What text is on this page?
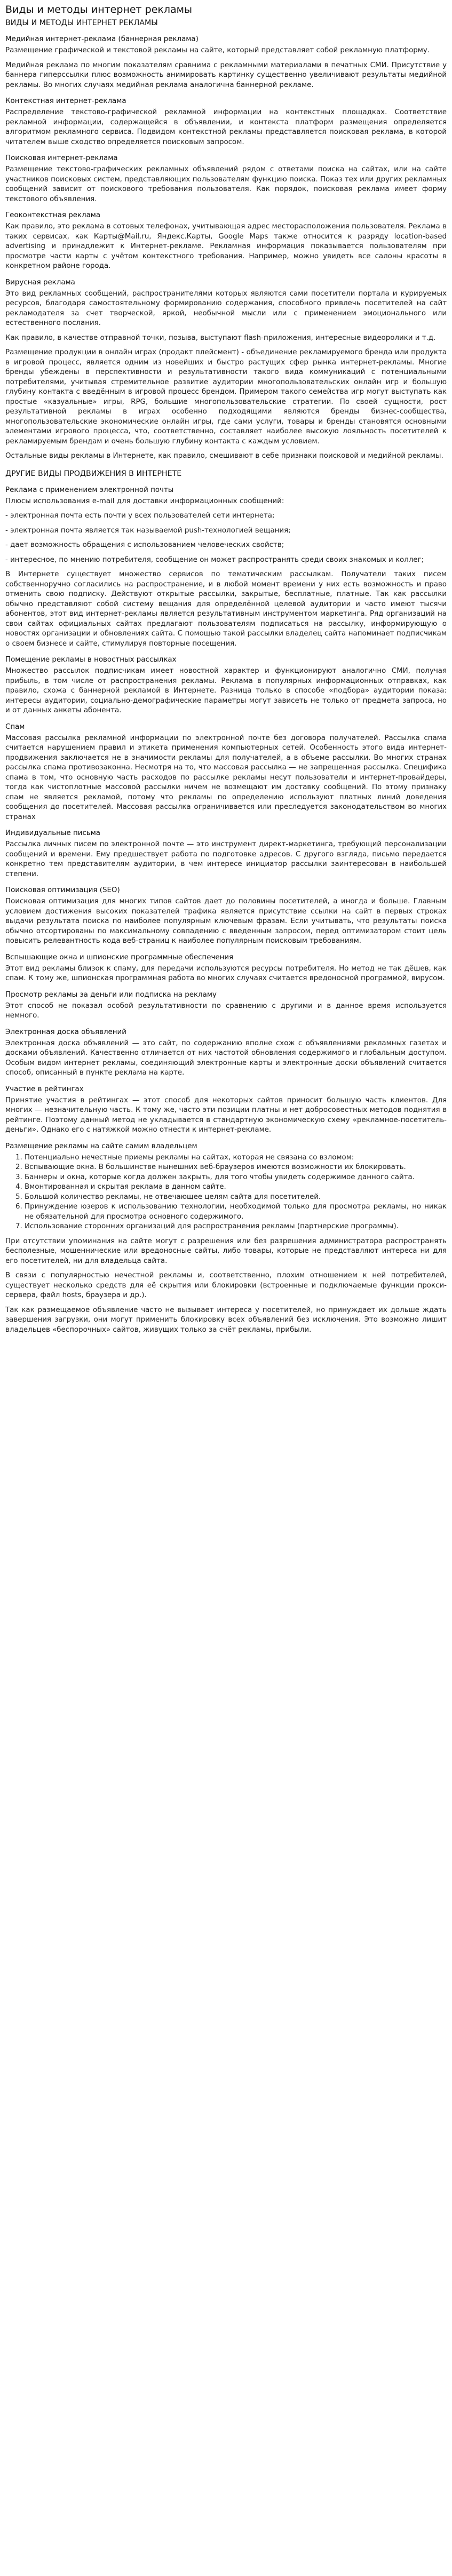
Виды и методы интернет рекламы
ВИДЫ И МЕТОДЫ ИНТЕРНЕТ РЕКЛАМЫ
Медийная интернет-реклама (баннерная реклама)

Размещение графической и текстовой рекламы на сайте, который представляет собой рекламную платформу.

Медийная реклама по многим показателям сравнима с рекламными материалами в печатных СМИ. Присутствие у баннера гиперссылки плюс возможность анимировать картинку существенно увеличивают результаты медийной рекламы. Во многих случаях медийная реклама аналогична баннерной рекламе.

Контекстная интернет-реклама

Распределение текстово-графической рекламной информации на контекстных площадках. Соответствие рекламной информации, содержащейся в объявлении, и контекста платформ размещения определяется алгоритмом рекламного сервиса. Подвидом контекстной рекламы представляется поисковая реклама, в которой читателем выше сходство определяется поисковым запросом.

Поисковая интернет-реклама

Размещение текстово-графических рекламных объявлений рядом с ответами поиска на сайтах, или на сайте участников поисковых систем, представляющих пользователям функцию поиска. Показ тех или других рекламных сообщений зависит от поискового требования пользователя. Как порядок, поисковая реклама имеет форму текстового объявления.

Геоконтекстная реклама

Как правило, это реклама в сотовых телефонах, учитывающая адрес месторасположения пользователя. Реклама в таких сервисах, как Карты@Mail.ru, Яндекс.Карты, Google Maps также относится к разряду location-based advertising и принадлежит к Интернет-рекламе. Рекламная информация показывается пользователям при просмотре части карты с учётом контекстного требования. Например, можно увидеть все салоны красоты в конкретном районе города.

Вирусная реклама

Это вид рекламных сообщений, распространителями которых являются сами посетители портала и курируемых ресурсов, благодаря самостоятельному формированию содержания, способного привлечь посетителей на сайт рекламодателя за счет творческой, яркой, необычной мысли или с применением эмоционального или естественного послания.

Как правило, в качестве отправной точки, позыва, выступают flash-приложения, интересные видеоролики и т.д.

Размещение продукции в онлайн играх (продакт плейсмент) - объединение рекламируемого бренда или продукта в игровой процесс, является одним из новейших и быстро растущих сфер рынка интернет-рекламы. Многие бренды убеждены в перспективности и результативности такого вида коммуникаций с потенциальными потребителями, учитывая стремительное развитие аудитории многопользовательских онлайн игр и большую глубину контакта с введённым в игровой процесс брендом. Примером такого семейства игр могут выступать как простые «казуальные» игры, RPG, большие многопользовательские стратегии. По своей сущности, рост результативной рекламы в играх особенно подходящими являются бренды бизнес-сообщества, многопользовательские экономические онлайн игры, где сами услуги, товары и бренды становятся основными элементами игрового процесса, что, соответственно, составляет наиболее высокую лояльность посетителей к рекламируемым брендам и очень большую глубину контакта с каждым условием.

Остальные виды рекламы в Интернете, как правило, смешивают в себе признаки поисковой и медийной рекламы.

ДРУГИЕ ВИДЫ ПРОДВИЖЕНИЯ В ИНТЕРНЕТЕ
Реклама с применением электронной почты

Плюсы использования e-mail для доставки информационных сообщений:

- электронная почта есть почти у всех пользователей сети интернета;

- электронная почта является так называемой push-технологией вещания;

- дает возможность обращения с использованием человеческих свойств;

- интересное, по мнению потребителя, сообщение он может распространять среди своих знакомых и коллег;

В Интернете существует множество сервисов по тематическим рассылкам. Получатели таких писем собственноручно согласились на распространение, и в любой момент времени у них есть возможность и право отменить свою подписку. Действуют открытые рассылки, закрытые, бесплатные, платные. Так как рассылки обычно представляют собой систему вещания для определённой целевой аудитории и часто имеют тысячи абонентов, этот вид интернет-рекламы является результативным инструментом маркетинга. Ряд организаций на свои сайтах официальных сайтах предлагают пользователям подписаться на рассылку, информирующую о новостях организации и обновлениях сайта. С помощью такой рассылки владелец сайта напоминает подписчикам о своем бизнесе и сайте, стимулируя повторные посещения.

Помещение рекламы в новостных рассылках

Множество рассылок подписчикам имеет новостной характер и функционируют аналогично СМИ, получая прибыль, в том числе от распространения рекламы. Реклама в популярных информационных отправках, как правило, схожа с баннерной рекламой в Интернете. Разница только в способе «подбора» аудитории показа: интересы аудитории, социально-демографические параметры могут зависеть не только от предмета запроса, но и от данных анкеты абонента.

Спам

Массовая рассылка рекламной информации по электронной почте без договора получателей. Рассылка спама считается нарушением правил и этикета применения компьютерных сетей. Особенность этого вида интернет-продвижения заключается не в значимости рекламы для получателей, а в объеме рассылки. Во многих странах рассылка спама противозаконна. Несмотря на то, что массовая рассылка — не запрещенная рассылка. Специфика спама в том, что основную часть расходов по рассылке рекламы несут пользователи и интернет-провайдеры, тогда как чистоплотные массовой рассылки ничем не возмещают им доставку сообщений. По этому признаку спам не является рекламой, потому что рекламы по определению используют платных линий доведения сообщения до посетителей. Массовая рассылка ограничивается или преследуется законодательством во многих странах

Индивидуальные письма

Рассылка личных писем по электронной почте — это инструмент директ-маркетинга, требующий персонализации сообщений и времени. Ему предшествует работа по подготовке адресов. С другого взгляда, письмо передается конкретно тем представителям аудитории, в чем интересе инициатор рассылки заинтересован в наибольшей степени.

Поисковая оптимизация (SEO)

Поисковая оптимизация для многих типов сайтов дает до половины посетителей, а иногда и больше. Главным условием достижения высоких показателей трафика является присутствие ссылки на сайт в первых строках выдачи результата поиска по наиболее популярным ключевым фразам. Если учитывать, что результаты поиска обычно отсортированы по максимальному совпадению с введенным запросом, перед оптимизатором стоит цель повысить релевантность кода веб-страниц к наиболее популярным поисковым требованиям.

Вспышающие окна и шпионские программные обеспечения

Этот вид рекламы близок к спаму, для передачи используются ресурсы потребителя. Но метод не так дёшев, как спам. К тому же, шпионская программная работа во многих случаях считается вредоносной программой, вирусом.

Просмотр рекламы за деньги или подписка на рекламу

Этот способ не показал особой результативности по сравнению с другими и в данное время используется немного.

Электронная доска объявлений

Электронная доска объявлений — это сайт, по содержанию вполне схож с объявлениями рекламных газетах и досками объявлений. Качественно отличается от них частотой обновления содержимого и глобальным доступом. Особым видом интернет рекламы, соединяющий электронные карты и электронные доски объявлений считается способ, описанный в пункте реклама на карте.

Участие в рейтингах

Принятие участия в рейтингах — этот способ для некоторых сайтов приносит большую часть клиентов. Для многих — незначительную часть. К тому же, часто эти позиции платны и нет добросовестных методов поднятия в рейтинге. Поэтому данный метод не укладывается в стандартную экономическую схему «рекламное-посетитель-деньги». Однако его с натяжкой можно отнести к интернет-рекламе.

Размещение рекламы на сайте самим владельцем
1. Потенциально нечестные приемы рекламы на сайтах, которая не связана со взломом:
2. Вспывающие окна. В большинстве нынешних веб-браузеров имеются возможности их блокировать.
3. Баннеры и окна, которые когда должен закрыть, для того чтобы увидеть содержимое данного сайта.
4. Вмонтированная и скрытая реклама в данном сайте.
5. Большой количество рекламы, не отвечающее целям сайта для посетителей.
6. Принуждение юзеров к использованию технологии, необходимой только для просмотра рекламы, но никак не обязательной для просмотра основного содержимого.
7. Использование сторонних организаций для распространения рекламы (партнерские программы).

При отсутствии упоминания на сайте могут с разрешения или без разрешения администратора распространять бесполезные, мошеннические или вредоносные сайты, либо товары, которые не представляют интереса ни для его посетителей, ни для владельца сайта.

В связи с популярностью нечестной рекламы и, соответственно, плохим отношением к ней потребителей, существует несколько средств для её скрытия или блокировки (встроенные и подключаемые функции прокси-сервера, файл hosts, браузера и др.).

Так как размещаемое объявление часто не вызывает интереса у посетителей, но принуждает их дольше ждать завершения загрузки, они могут применить блокировку всех объявлений без исключения. Это возможно лишит владельцев «беспорочных» сайтов, живущих только за счёт рекламы, прибыли.
